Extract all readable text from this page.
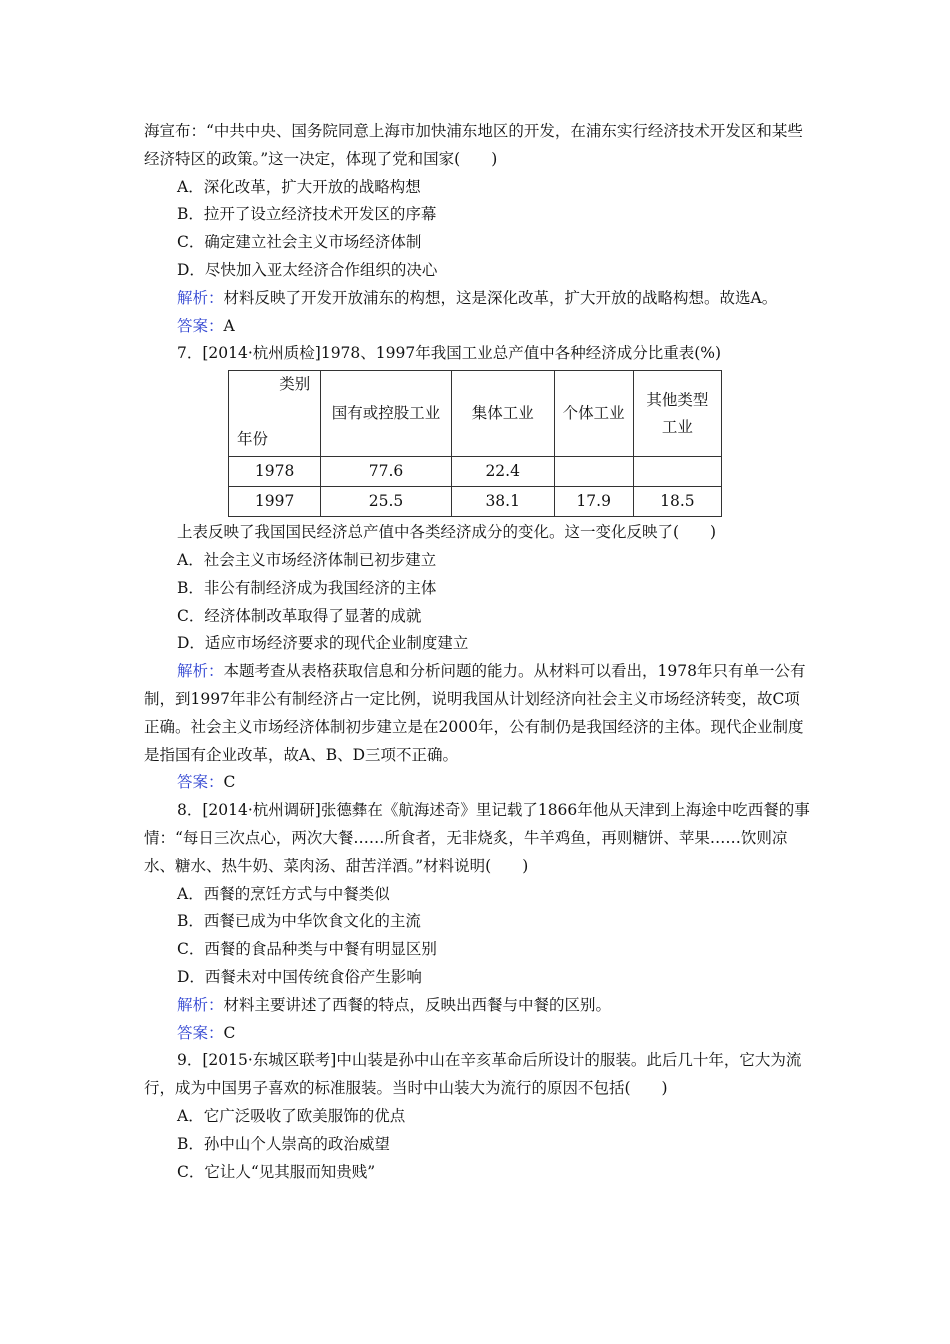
海宣布：“中共中央、国务院同意上海市加快浦东地区的开发，在浦东实行经济技术开发区和某些经济特区的政策。”这一决定，体现了党和国家(　　)

A．深化改革，扩大开放的战略构想

B．拉开了设立经济技术开发区的序幕

C．确定建立社会主义市场经济体制

D．尽快加入亚太经济合作组织的决心

解析：材料反映了开发开放浦东的构想，这是深化改革，扩大开放的战略构想。故选A。

答案：A

7．[2014·杭州质检]1978、1997年我国工业总产值中各种经济成分比重表(%)

类别
年份	国有或控股工业	集体工业	个体工业	其他类型工业
1978	77.6	22.4		
1997	25.5	38.1	17.9	18.5

上表反映了我国国民经济总产值中各类经济成分的变化。这一变化反映了(　　)

A．社会主义市场经济体制已初步建立

B．非公有制经济成为我国经济的主体

C．经济体制改革取得了显著的成就

D．适应市场经济要求的现代企业制度建立

解析：本题考查从表格获取信息和分析问题的能力。从材料可以看出，1978年只有单一公有制，到1997年非公有制经济占一定比例，说明我国从计划经济向社会主义市场经济转变，故C项正确。社会主义市场经济体制初步建立是在2000年，公有制仍是我国经济的主体。现代企业制度是指国有企业改革，故A、B、D三项不正确。

答案：C

8．[2014·杭州调研]张德彝在《航海述奇》里记载了1866年他从天津到上海途中吃西餐的事情：“每日三次点心，两次大餐……所食者，无非烧炙，牛羊鸡鱼，再则糖饼、苹果……饮则凉水、糖水、热牛奶、菜肉汤、甜苦洋酒。”材料说明(　　)

A．西餐的烹饪方式与中餐类似

B．西餐已成为中华饮食文化的主流

C．西餐的食品种类与中餐有明显区别

D．西餐未对中国传统食俗产生影响

解析：材料主要讲述了西餐的特点，反映出西餐与中餐的区别。

答案：C

9．[2015·东城区联考]中山装是孙中山在辛亥革命后所设计的服装。此后几十年，它大为流行，成为中国男子喜欢的标准服装。当时中山装大为流行的原因不包括(　　)

A．它广泛吸收了欧美服饰的优点

B．孙中山个人崇高的政治威望

C．它让人“见其服而知贵贱”
